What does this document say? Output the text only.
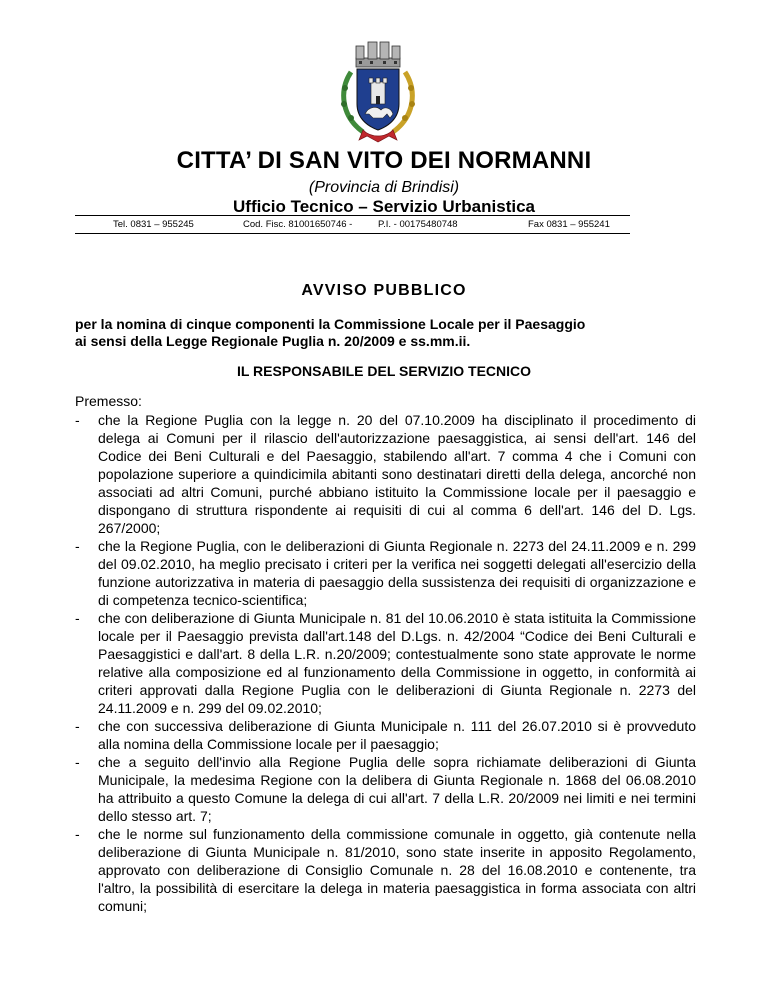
CITTA’ DI SAN VITO DEI NORMANNI
(Provincia di Brindisi)
Ufficio Tecnico – Servizio Urbanistica
Tel. 0831 – 955245	Cod. Fisc. 81001650746 -	P.I. - 00175480748	Fax 0831 – 955241
AVVISO PUBBLICO
per la nomina di cinque componenti la Commissione Locale per il Paesaggio
ai sensi della Legge Regionale Puglia n. 20/2009 e ss.mm.ii.
IL RESPONSABILE DEL SERVIZIO TECNICO
Premesso:
- che la Regione Puglia con la legge n. 20 del 07.10.2009 ha disciplinato il procedimento di delega ai Comuni per il rilascio dell'autorizzazione paesaggistica, ai sensi dell'art. 146 del Codice dei Beni Culturali e del Paesaggio, stabilendo all'art. 7 comma 4 che i Comuni con popolazione superiore a quindicimila abitanti sono destinatari diretti della delega, ancorché non associati ad altri Comuni, purché abbiano istituito la Commissione locale per il paesaggio e dispongano di struttura rispondente ai requisiti di cui al comma 6 dell'art. 146 del D. Lgs. 267/2000;
- che la Regione Puglia, con le deliberazioni di Giunta Regionale n. 2273 del 24.11.2009 e n. 299 del 09.02.2010, ha meglio precisato i criteri per la verifica nei soggetti delegati all'esercizio della funzione autorizzativa in materia di paesaggio della sussistenza dei requisiti di organizzazione e di competenza tecnico-scientifica;
- che con deliberazione di Giunta Municipale n. 81 del 10.06.2010 è stata istituita la Commissione locale per il Paesaggio prevista dall'art.148 del D.Lgs. n. 42/2004 “Codice dei Beni Culturali e Paesaggistici e dall'art. 8 della L.R. n.20/2009; contestualmente sono state approvate le norme relative alla composizione ed al funzionamento della Commissione in oggetto, in conformità ai criteri approvati dalla Regione Puglia con le deliberazioni di Giunta Regionale n. 2273 del 24.11.2009 e n. 299 del 09.02.2010;
- che con successiva deliberazione di Giunta Municipale n. 111 del 26.07.2010 si è provveduto alla nomina della Commissione locale per il paesaggio;
- che a seguito dell'invio alla Regione Puglia delle sopra richiamate deliberazioni di Giunta Municipale, la medesima Regione con la delibera di Giunta Regionale n. 1868 del 06.08.2010 ha attribuito a questo Comune la delega di cui all'art. 7 della L.R. 20/2009 nei limiti e nei termini dello stesso art. 7;
- che le norme sul funzionamento della commissione comunale in oggetto, già contenute nella deliberazione di Giunta Municipale n. 81/2010, sono state inserite in apposito Regolamento, approvato con deliberazione di Consiglio Comunale n. 28 del 16.08.2010 e contenente, tra l'altro, la possibilità di esercitare la delega in materia paesaggistica in forma associata con altri comuni;
